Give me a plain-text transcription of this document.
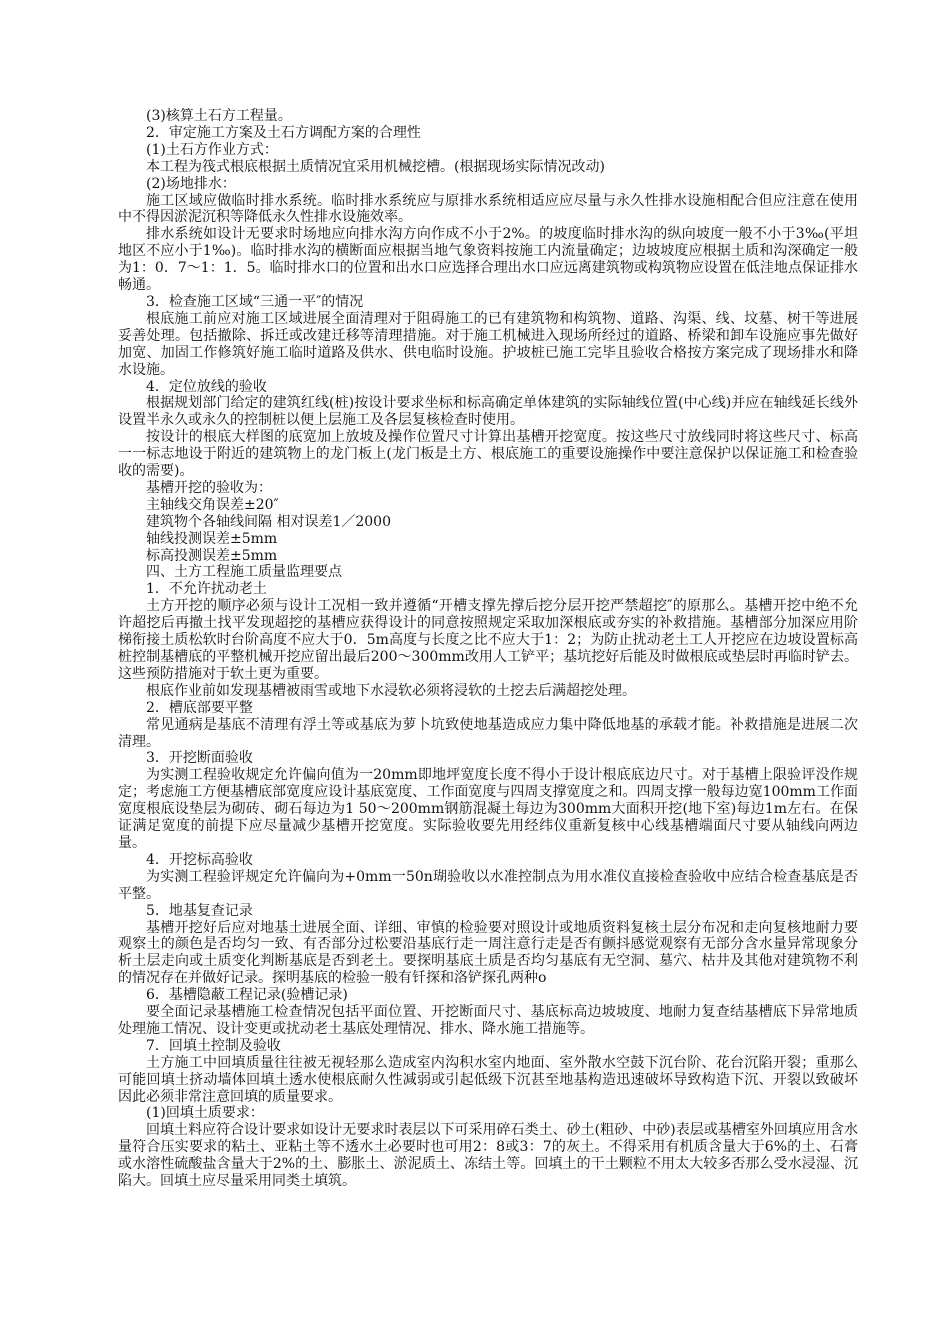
(3)核算土石方工程量。

2．审定施工方案及土石方调配方案的合理性

(1)土石方作业方式：

本工程为筏式根底根据土质情况宜采用机械挖槽。(根据现场实际情况改动)

(2)场地排水：

施工区域应做临时排水系统。临时排水系统应与原排水系统相适应应尽量与永久性排水设施相配合但应注意在使用中不得因淤泥沉积等降低永久性排水设施效率。

排水系统如设计无要求时场地应向排水沟方向作成不小于2%。的坡度临时排水沟的纵向坡度一般不小于3‰(平坦地区不应小于1‰)。临时排水沟的横断面应根据当地气象资料按施工内流量确定；边坡坡度应根据土质和沟深确定一般为1：0．7～1：1．5。临时排水口的位置和出水口应选择合理出水口应远离建筑物或构筑物应设置在低洼地点保证排水畅通。

3．检查施工区域“三通一平″的情况

根底施工前应对施工区域进展全面清理对于阻碍施工的已有建筑物和构筑物、道路、沟渠、线、坟墓、树干等进展妥善处理。包括撤除、拆迁或改建迁移等清理措施。对于施工机械进入现场所经过的道路、桥梁和卸车设施应事先做好加宽、加固工作修筑好施工临时道路及供水、供电临时设施。护坡桩已施工完毕且验收合格按方案完成了现场排水和降水设施。

4．定位放线的验收

根据规划部门给定的建筑红线(桩)按设计要求坐标和标高确定单体建筑的实际轴线位置(中心线)并应在轴线延长线外设置半永久或永久的控制桩以便上层施工及各层复核检查时使用。

按设计的根底大样图的底宽加上放坡及操作位置尺寸计算出基槽开挖宽度。按这些尺寸放线同时将这些尺寸、标高一一标志地设于附近的建筑物上的龙门板上(龙门板是土方、根底施工的重要设施操作中要注意保护以保证施工和检查验收的需要)。

基槽开挖的验收为：

主轴线交角误差±20″

建筑物个各轴线间隔 相对误差1／2000

轴线投测误差±5mm

标高投测误差±5mm

四、土方工程施工质量监理要点

1．不允许扰动老土

土方开挖的顺序必须与设计工况相一致并遵循“开槽支撑先撑后挖分层开挖严禁超挖″的原那么。基槽开挖中绝不允许超挖后再撤土找平发现超挖的基槽应获得设计的同意按照规定采取加深根底或夯实的补救措施。基槽部分加深应用阶梯衔接土质松软时台阶高度不应大于0．5m高度与长度之比不应大于1：2；为防止扰动老土工人开挖应在边坡设置标高桩控制基槽底的平整机械开挖应留出最后200～300mm改用人工铲平；基坑挖好后能及时做根底或垫层时再临时铲去。这些预防措施对于软土更为重要。

根底作业前如发现基槽被雨雪或地下水浸软必须将浸软的土挖去后满超挖处理。

2．槽底部要平整

常见通病是基底不清理有浮土等或基底为萝卜坑致使地基造成应力集中降低地基的承载才能。补救措施是进展二次清理。

3．开挖断面验收

为实测工程验收规定允许偏向值为一20mm即地坪宽度长度不得小于设计根底底边尺寸。对于基槽上限验评没作规定；考虑施工方便基槽底部宽度应设计基底宽度、工作面宽度与四周支撑宽度之和。四周支撑一般每边宽100mm工作面宽度根底设垫层为砌砖、砌石每边为1 50～200mm钢筋混凝土每边为300mm大面积开挖(地下室)每边1m左右。在保证满足宽度的前提下应尽量减少基槽开挖宽度。实际验收要先用经纬仪重新复核中心线基槽端面尺寸要从轴线向两边量。

4．开挖标高验收

为实测工程验评规定允许偏向为+0mm一50n瑚验收以水准控制点为用水准仪直接检查验收中应结合检查基底是否平整。

5．地基复查记录

基槽开挖好后应对地基土进展全面、详细、审慎的检验要对照设计或地质资料复核土层分布况和走向复核地耐力要观察土的颜色是否均匀一致、有否部分过松要沿基底行走一周注意行走是否有颤抖感觉观察有无部分含水量异常现象分析土层走向或土质变化判断基底是否到老土。要探明基底土质是否均匀基底有无空洞、墓穴、枯井及其他对建筑物不利的情况存在并做好记录。探明基底的检验一般有钎探和洛铲探孔两种o

6．基槽隐蔽工程记录(验槽记录)

要全面记录基槽施工检查情况包括平面位置、开挖断面尺寸、基底标高边坡坡度、地耐力复查结基槽底下异常地质处理施工情况、设计变更或扰动老土基底处理情况、排水、降水施工措施等。

7．回填土控制及验收

土方施工中回填质量往往被无视轻那么造成室内沟积水室内地面、室外散水空鼓下沉台阶、花台沉陷开裂；重那么可能回填土挤动墙体回填土透水使根底耐久性减弱或引起低级下沉甚至地基构造迅速破坏导致构造下沉、开裂以致破坏因此必须非常注意回填的质量要求。

(1)回填土质要求：

回填土料应符合设计要求如设计无要求时表层以下可采用碎石类土、砂土(粗砂、中砂)表层或基槽室外回填应用含水量符合压实要求的粘土、亚粘土等不透水土必要时也可用2：8或3：7的灰土。不得采用有机质含量大于6%的土、石膏或水溶性硫酸盐含量大于2%的土、膨胀土、淤泥质土、冻结土等。回填土的干土颗粒不用太大较多否那么受水浸湿、沉陷大。回填土应尽量采用同类土填筑。
